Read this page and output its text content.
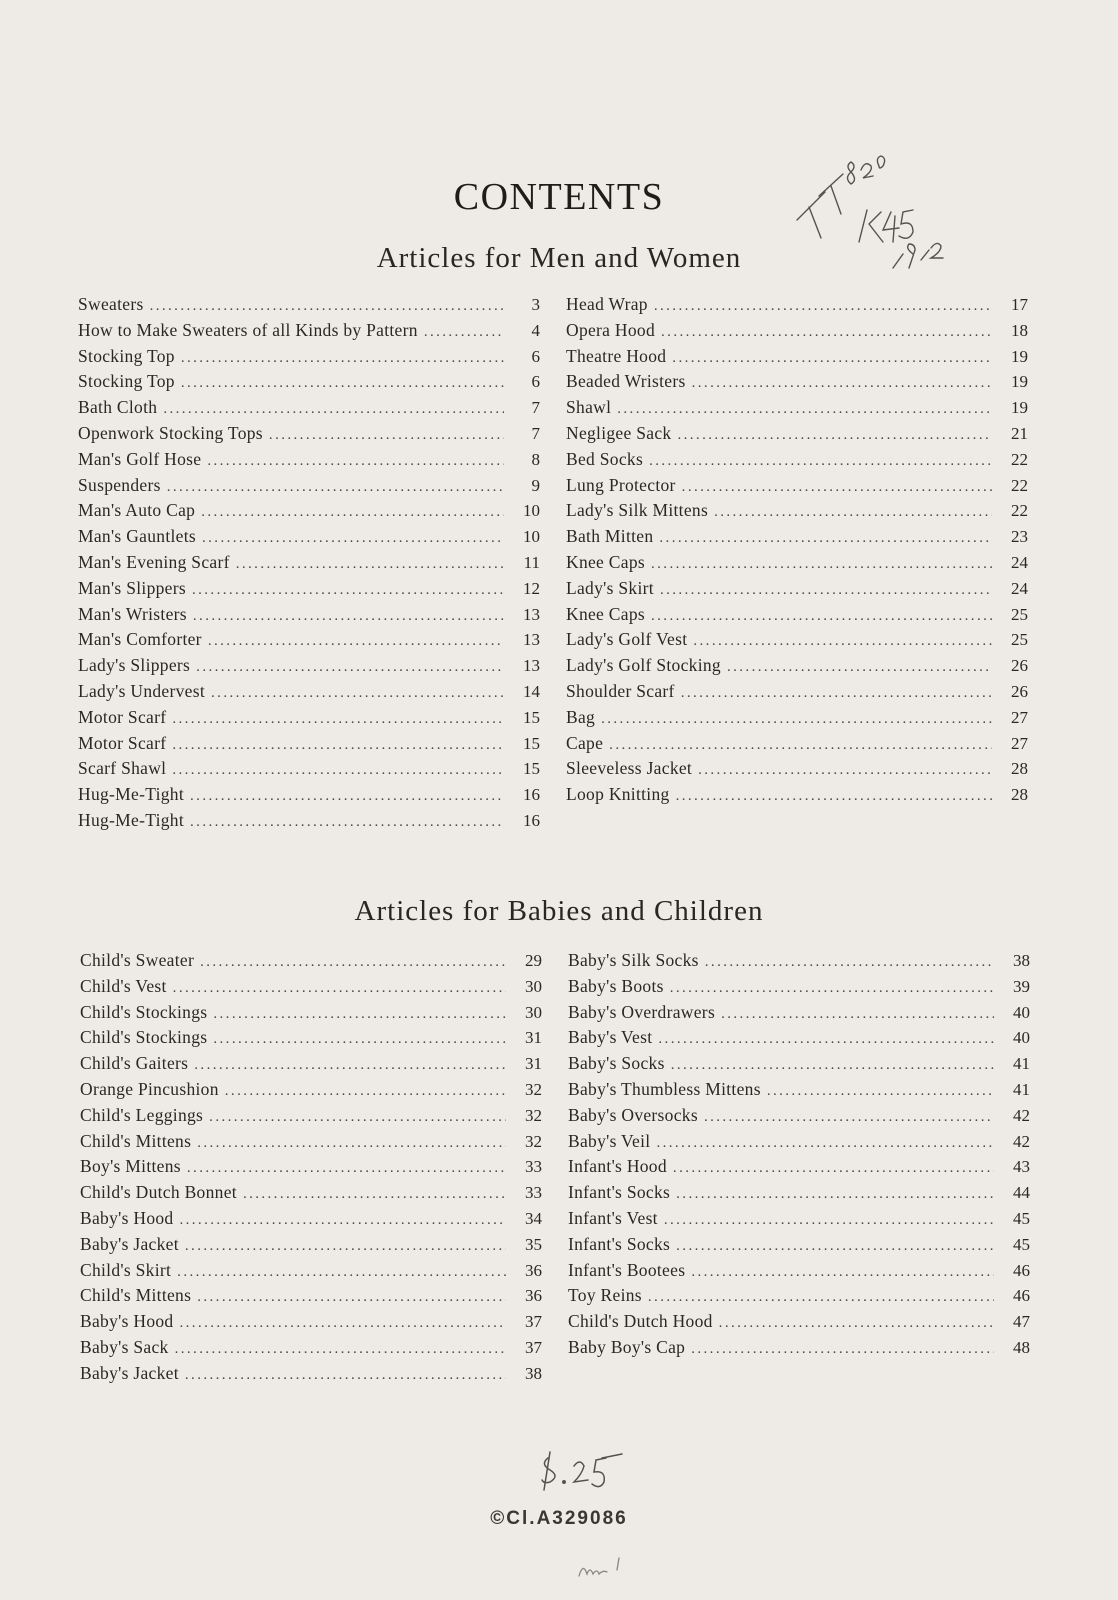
CONTENTS
Articles for Men and Women
Sweaters .....	3
How to Make Sweaters of all Kinds by Pattern .....	4
Stocking Top .....	6
Stocking Top .....	6
Bath Cloth .....	7
Openwork Stocking Tops .....	7
Man's Golf Hose .....	8
Suspenders .....	9
Man's Auto Cap .....	10
Man's Gauntlets .....	10
Man's Evening Scarf .....	11
Man's Slippers .....	12
Man's Wristers .....	13
Man's Comforter .....	13
Lady's Slippers .....	13
Lady's Undervest .....	14
Motor Scarf .....	15
Motor Scarf .....	15
Scarf Shawl .....	15
Hug-Me-Tight .....	16
Hug-Me-Tight .....	16
Head Wrap .....	17
Opera Hood .....	18
Theatre Hood .....	19
Beaded Wristers .....	19
Shawl .....	19
Negligee Sack .....	21
Bed Socks .....	22
Lung Protector .....	22
Lady's Silk Mittens .....	22
Bath Mitten .....	23
Knee Caps .....	24
Lady's Skirt .....	24
Knee Caps .....	25
Lady's Golf Vest .....	25
Lady's Golf Stocking .....	26
Shoulder Scarf .....	26
Bag .....	27
Cape .....	27
Sleeveless Jacket .....	28
Loop Knitting .....	28
Articles for Babies and Children
Child's Sweater .....	29
Child's Vest .....	30
Child's Stockings .....	30
Child's Stockings .....	31
Child's Gaiters .....	31
Orange Pincushion .....	32
Child's Leggings .....	32
Child's Mittens .....	32
Boy's Mittens .....	33
Child's Dutch Bonnet .....	33
Baby's Hood .....	34
Baby's Jacket .....	35
Child's Skirt .....	36
Child's Mittens .....	36
Baby's Hood .....	37
Baby's Sack .....	37
Baby's Jacket .....	38
Baby's Silk Socks .....	38
Baby's Boots .....	39
Baby's Overdrawers .....	40
Baby's Vest .....	40
Baby's Socks .....	41
Baby's Thumbless Mittens .....	41
Baby's Oversocks .....	42
Baby's Veil .....	42
Infant's Hood .....	43
Infant's Socks .....	44
Infant's Vest .....	45
Infant's Socks .....	45
Infant's Bootees .....	46
Toy Reins .....	46
Child's Dutch Hood .....	47
Baby Boy's Cap .....	48
©Cl.A329086
